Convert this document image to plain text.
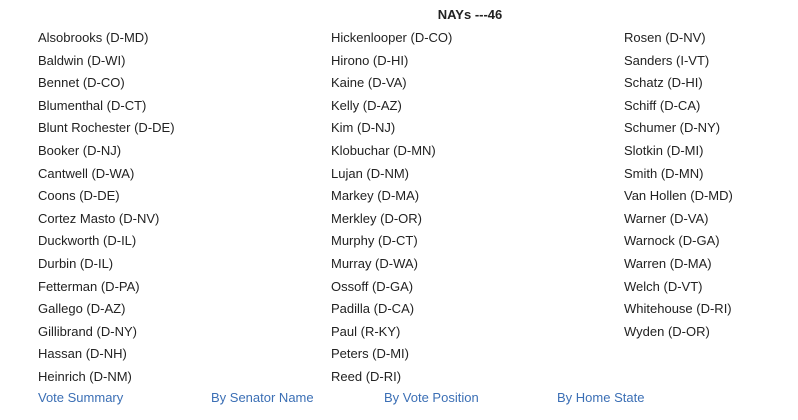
NAYs ---46
Alsobrooks (D-MD)
Baldwin (D-WI)
Bennet (D-CO)
Blumenthal (D-CT)
Blunt Rochester (D-DE)
Booker (D-NJ)
Cantwell (D-WA)
Coons (D-DE)
Cortez Masto (D-NV)
Duckworth (D-IL)
Durbin (D-IL)
Fetterman (D-PA)
Gallego (D-AZ)
Gillibrand (D-NY)
Hassan (D-NH)
Heinrich (D-NM)
Hickenlooper (D-CO)
Hirono (D-HI)
Kaine (D-VA)
Kelly (D-AZ)
Kim (D-NJ)
Klobuchar (D-MN)
Lujan (D-NM)
Markey (D-MA)
Merkley (D-OR)
Murphy (D-CT)
Murray (D-WA)
Ossoff (D-GA)
Padilla (D-CA)
Paul (R-KY)
Peters (D-MI)
Reed (D-RI)
Rosen (D-NV)
Sanders (I-VT)
Schatz (D-HI)
Schiff (D-CA)
Schumer (D-NY)
Slotkin (D-MI)
Smith (D-MN)
Van Hollen (D-MD)
Warner (D-VA)
Warnock (D-GA)
Warren (D-MA)
Welch (D-VT)
Whitehouse (D-RI)
Wyden (D-OR)
Vote Summary	By Senator Name	By Vote Position	By Home State
